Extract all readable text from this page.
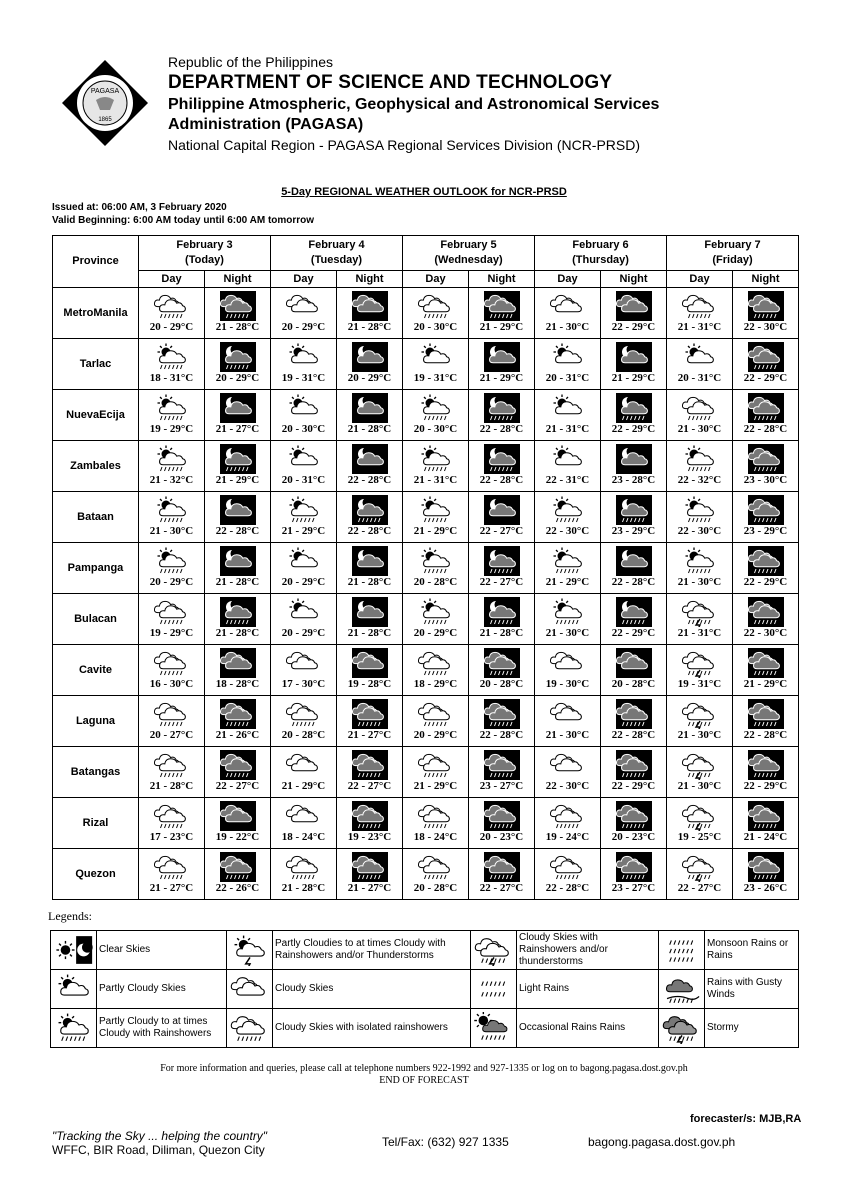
PAGASA
1865
Republic of the Philippines
DEPARTMENT OF SCIENCE AND TECHNOLOGY
Philippine Atmospheric, Geophysical and Astronomical Services
Administration (PAGASA)
National Capital Region - PAGASA Regional Services Division (NCR-PRSD)
5-Day REGIONAL WEATHER OUTLOOK for NCR-PRSD
Issued at: 06:00 AM, 3 February 2020
Valid Beginning: 6:00 AM today until 6:00 AM tomorrow
Province	February 3
(Today)		February 4
(Tuesday)		February 5
(Wednesday)		February 6
(Thursday)		February 7
(Friday)	
	Day	Night	Day	Night	Day	Night	Day	Night	Day	Night
MetroManila	20 - 29°C	21 - 28°C	20 - 29°C	21 - 28°C	20 - 30°C	21 - 29°C	21 - 30°C	22 - 29°C	21 - 31°C	22 - 30°C

Tarlac	18 - 31°C	20 - 29°C	19 - 31°C	20 - 29°C	19 - 31°C	21 - 29°C	20 - 31°C	21 - 29°C	20 - 31°C	22 - 29°C

NuevaEcija	19 - 29°C	21 - 27°C	20 - 30°C	21 - 28°C	20 - 30°C	22 - 28°C	21 - 31°C	22 - 29°C	21 - 30°C	22 - 28°C

Zambales	21 - 32°C	21 - 29°C	20 - 31°C	22 - 28°C	21 - 31°C	22 - 28°C	22 - 31°C	23 - 28°C	22 - 32°C	23 - 30°C

Bataan	21 - 30°C	22 - 28°C	21 - 29°C	22 - 28°C	21 - 29°C	22 - 27°C	22 - 30°C	23 - 29°C	22 - 30°C	23 - 29°C

Pampanga	20 - 29°C	21 - 28°C	20 - 29°C	21 - 28°C	20 - 28°C	22 - 27°C	21 - 29°C	22 - 28°C	21 - 30°C	22 - 29°C

Bulacan	19 - 29°C	21 - 28°C	20 - 29°C	21 - 28°C	20 - 29°C	21 - 28°C	21 - 30°C	22 - 29°C	21 - 31°C	22 - 30°C

Cavite	16 - 30°C	18 - 28°C	17 - 30°C	19 - 28°C	18 - 29°C	20 - 28°C	19 - 30°C	20 - 28°C	19 - 31°C	21 - 29°C

Laguna	20 - 27°C	21 - 26°C	20 - 28°C	21 - 27°C	20 - 29°C	22 - 28°C	21 - 30°C	22 - 28°C	21 - 30°C	22 - 28°C

Batangas	21 - 28°C	22 - 27°C	21 - 29°C	22 - 27°C	21 - 29°C	23 - 27°C	22 - 30°C	22 - 29°C	21 - 30°C	22 - 29°C

Rizal	17 - 23°C	19 - 22°C	18 - 24°C	19 - 23°C	18 - 24°C	20 - 23°C	19 - 24°C	20 - 23°C	19 - 25°C	21 - 24°C

Quezon	21 - 27°C	22 - 26°C	21 - 28°C	21 - 27°C	20 - 28°C	22 - 27°C	22 - 28°C	23 - 27°C	22 - 27°C	23 - 26°C
Legends:
	Clear Skies		Partly Cloudies to at times Cloudy with Rainshowers and/or Thunderstorms		Cloudy Skies with Rainshowers and/or thunderstorms		Monsoon Rains or Rains
	Partly Cloudy Skies		Cloudy Skies		Light Rains		Rains with Gusty Winds
	Partly Cloudy to at times Cloudy with Rainshowers		Cloudy Skies with isolated rainshowers		Occasional Rains Rains		Stormy
For more information and queries, please call at telephone numbers 922-1992 and 927-1335 or log on to bagong.pagasa.dost.gov.ph
END OF FORECAST
forecaster/s: MJB,RA
"Tracking the Sky ... helping the country"
WFFC, BIR Road, Diliman, Quezon City
Tel/Fax: (632) 927 1335	bagong.pagasa.dost.gov.ph
